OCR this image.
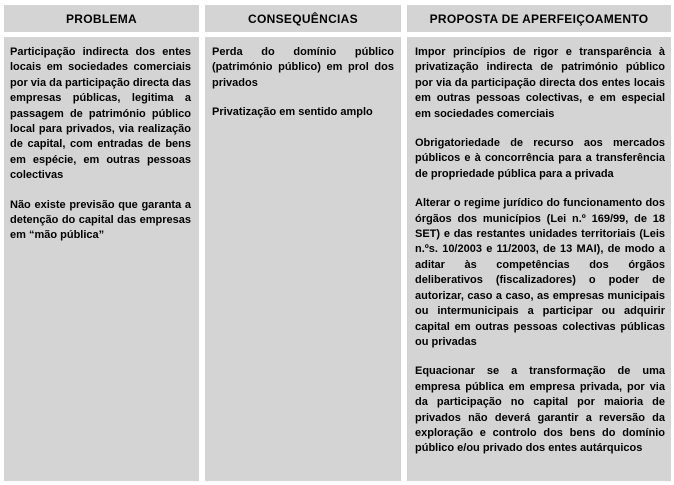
PROBLEMA	CONSEQUÊNCIAS	PROPOSTA DE APERFEIÇOAMENTO

Participação indirecta dos entes locais em sociedades comerciais por via da participação directa das empresas públicas, legitima a passagem de património público local para privados, via realização de capital, com entradas de bens em espécie, em outras pessoas colectivas

Não existe previsão que garanta a detenção do capital das empresas em “mão pública”

Perda do domínio público (património público) em prol dos privados

Privatização em sentido amplo

Impor princípios de rigor e transparência à privatização indirecta de património público por via da participação directa dos entes locais em outras pessoas colectivas, e em especial em sociedades comerciais

Obrigatoriedade de recurso aos mercados públicos e à concorrência para a transferência de propriedade pública para a privada

Alterar o regime jurídico do funcionamento dos órgãos dos municípios (Lei n.º 169/99, de 18 SET) e das restantes unidades territoriais (Leis n.ºs. 10/2003 e 11/2003, de 13 MAI), de modo a aditar às competências dos órgãos deliberativos (fiscalizadores) o poder de autorizar, caso a caso, as empresas municipais ou intermunicipais a participar ou adquirir capital em outras pessoas colectivas públicas ou privadas

Equacionar se a transformação de uma empresa pública em empresa privada, por via da participação no capital por maioria de privados não deverá garantir a reversão da exploração e controlo dos bens do domínio público e/ou privado dos entes autárquicos
